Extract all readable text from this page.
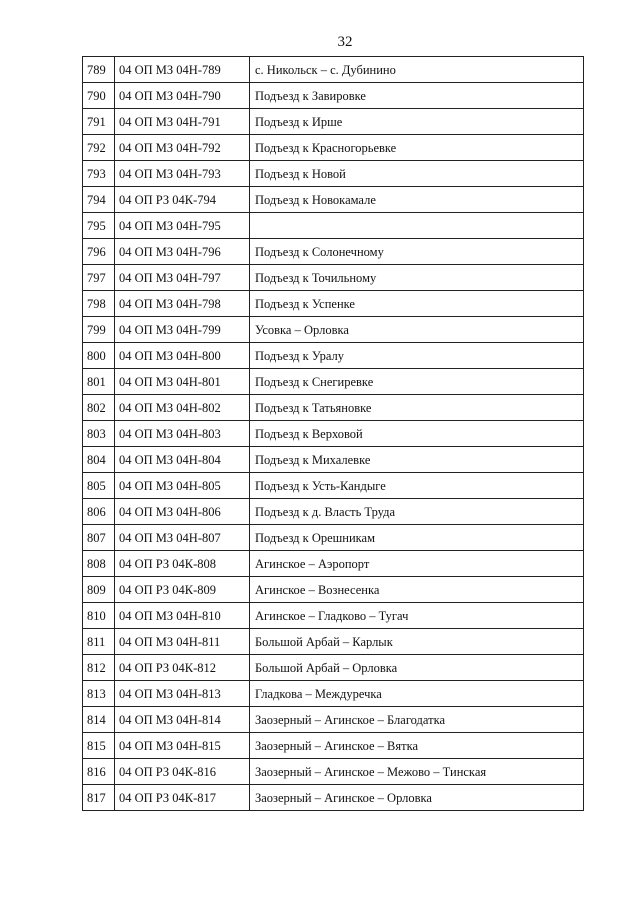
32
789	04 ОП МЗ 04Н-789	с. Никольск – с. Дубинино
790	04 ОП МЗ 04Н-790	Подъезд к Завировке
791	04 ОП МЗ 04Н-791	Подъезд к Ирше
792	04 ОП МЗ 04Н-792	Подъезд к Красногорьевке
793	04 ОП МЗ 04Н-793	Подъезд к Новой
794	04 ОП РЗ 04К-794	Подъезд к Новокамале
795	04 ОП МЗ 04Н-795	
796	04 ОП МЗ 04Н-796	Подъезд к Солонечному
797	04 ОП МЗ 04Н-797	Подъезд к Точильному
798	04 ОП МЗ 04Н-798	Подъезд к Успенке
799	04 ОП МЗ 04Н-799	Усовка – Орловка
800	04 ОП МЗ 04Н-800	Подъезд к Уралу
801	04 ОП МЗ 04Н-801	Подъезд к Снегиревке
802	04 ОП МЗ 04Н-802	Подъезд к Татьяновке
803	04 ОП МЗ 04Н-803	Подъезд к Верховой
804	04 ОП МЗ 04Н-804	Подъезд к Михалевке
805	04 ОП МЗ 04Н-805	Подъезд к Усть-Кандыге
806	04 ОП МЗ 04Н-806	Подъезд к д. Власть Труда
807	04 ОП МЗ 04Н-807	Подъезд к Орешникам
808	04 ОП РЗ 04К-808	Агинское – Аэропорт
809	04 ОП РЗ 04К-809	Агинское – Вознесенка
810	04 ОП МЗ 04Н-810	Агинское – Гладково – Тугач
811	04 ОП МЗ 04Н-811	Большой Арбай – Карлык
812	04 ОП РЗ 04К-812	Большой Арбай – Орловка
813	04 ОП МЗ 04Н-813	Гладкова – Междуречка
814	04 ОП МЗ 04Н-814	Заозерный – Агинское – Благодатка
815	04 ОП МЗ 04Н-815	Заозерный – Агинское – Вятка
816	04 ОП РЗ 04К-816	Заозерный – Агинское – Межово – Тинская
817	04 ОП РЗ 04К-817	Заозерный – Агинское – Орловка
